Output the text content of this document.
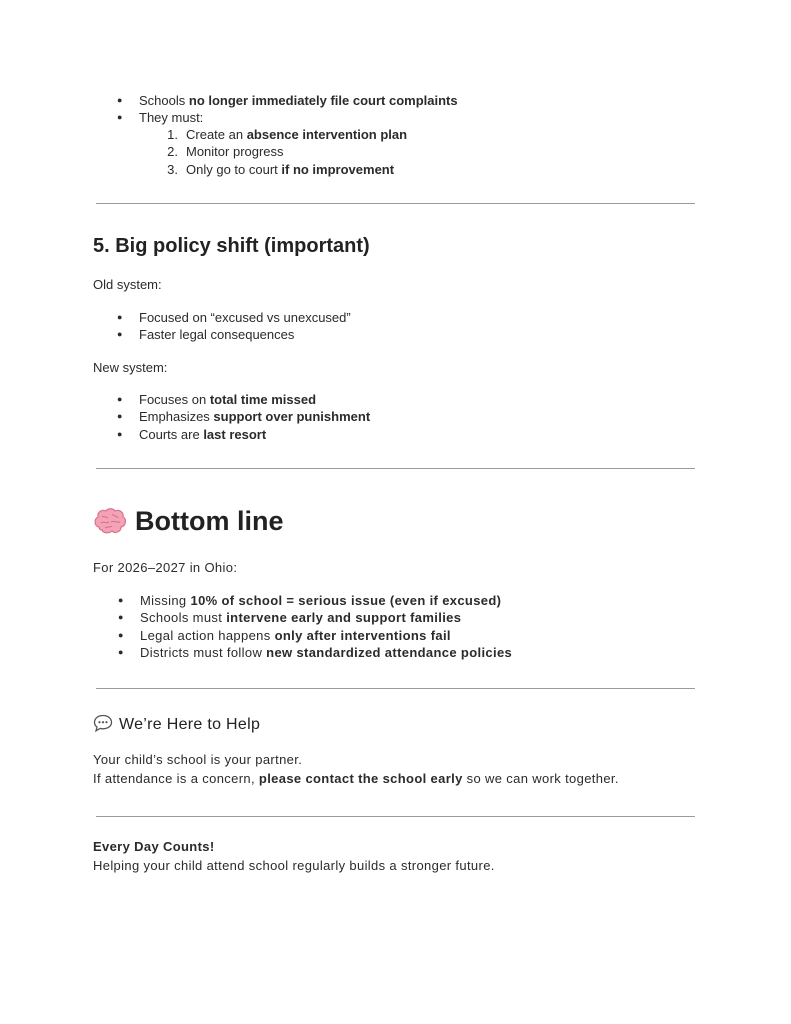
● Schools no longer immediately file court complaints
● They must:
1. Create an absence intervention plan
2. Monitor progress
3. Only go to court if no improvement
5. Big policy shift (important)
Old system:
● Focused on “excused vs unexcused”
● Faster legal consequences
New system:
● Focuses on total time missed
● Emphasizes support over punishment
● Courts are last resort
Bottom line
For 2026–2027 in Ohio:
● Missing 10% of school = serious issue (even if excused)
● Schools must intervene early and support families
● Legal action happens only after interventions fail
● Districts must follow new standardized attendance policies
We’re Here to Help
Your child’s school is your partner.
If attendance is a concern, please contact the school early so we can work together.
Every Day Counts!
Helping your child attend school regularly builds a stronger future.
